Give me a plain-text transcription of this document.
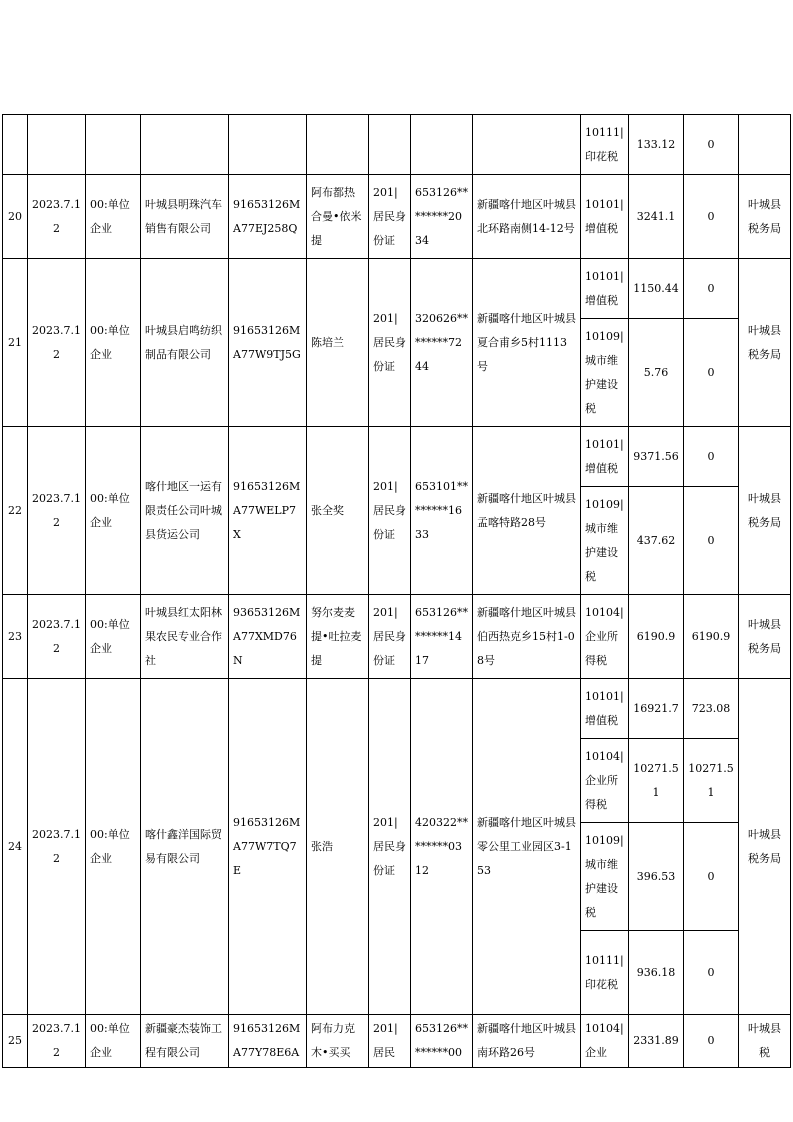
									10111|印花税	133.12	0	
20	2023.7.12	00:单位企业	叶城县明珠汽车销售有限公司	91653126MA77EJ258Q	阿布都热合曼•依米提	201|居民身份证	653126********2034	新疆喀什地区叶城县北环路南侧14-12号	10101|增值税	3241.1	0	叶城县税务局
21	2023.7.12	00:单位企业	叶城县启鸣纺织制品有限公司	91653126MA77W9TJ5G	陈培兰	201|居民身份证	320626********7244	新疆喀什地区叶城县夏合甫乡5村1113号	10101|增值税	1150.44	0	叶城县税务局
									10109|城市维护建设税	5.76	0	
22	2023.7.12	00:单位企业	喀什地区一运有限责任公司叶城县货运公司	91653126MA77WELP7X	张全奖	201|居民身份证	653101********1633	新疆喀什地区叶城县孟喀特路28号	10101|增值税	9371.56	0	叶城县税务局
									10109|城市维护建设税	437.62	0	
23	2023.7.12	00:单位企业	叶城县红太阳林果农民专业合作社	93653126MA77XMD76N	努尔麦麦提•吐拉麦提	201|居民身份证	653126********1417	新疆喀什地区叶城县伯西热克乡15村1-08号	10104|企业所得税	6190.9	6190.9	叶城县税务局
24	2023.7.12	00:单位企业	喀什鑫洋国际贸易有限公司	91653126MA77W7TQ7E	张浩	201|居民身份证	420322********0312	新疆喀什地区叶城县零公里工业园区3-153	10101|增值税	16921.7	723.08	叶城县税务局
									10104|企业所得税	10271.51	10271.51	
									10109|城市维护建设税	396.53	0	
									10111|印花税	936.18	0	
25	2023.7.12	00:单位企业	新疆豪杰装饰工程有限公司	91653126MA77Y78E6A	阿布力克木•买买	201|居民	653126********00	新疆喀什地区叶城县南环路26号	10104|企业	2331.89	0	叶城县税
